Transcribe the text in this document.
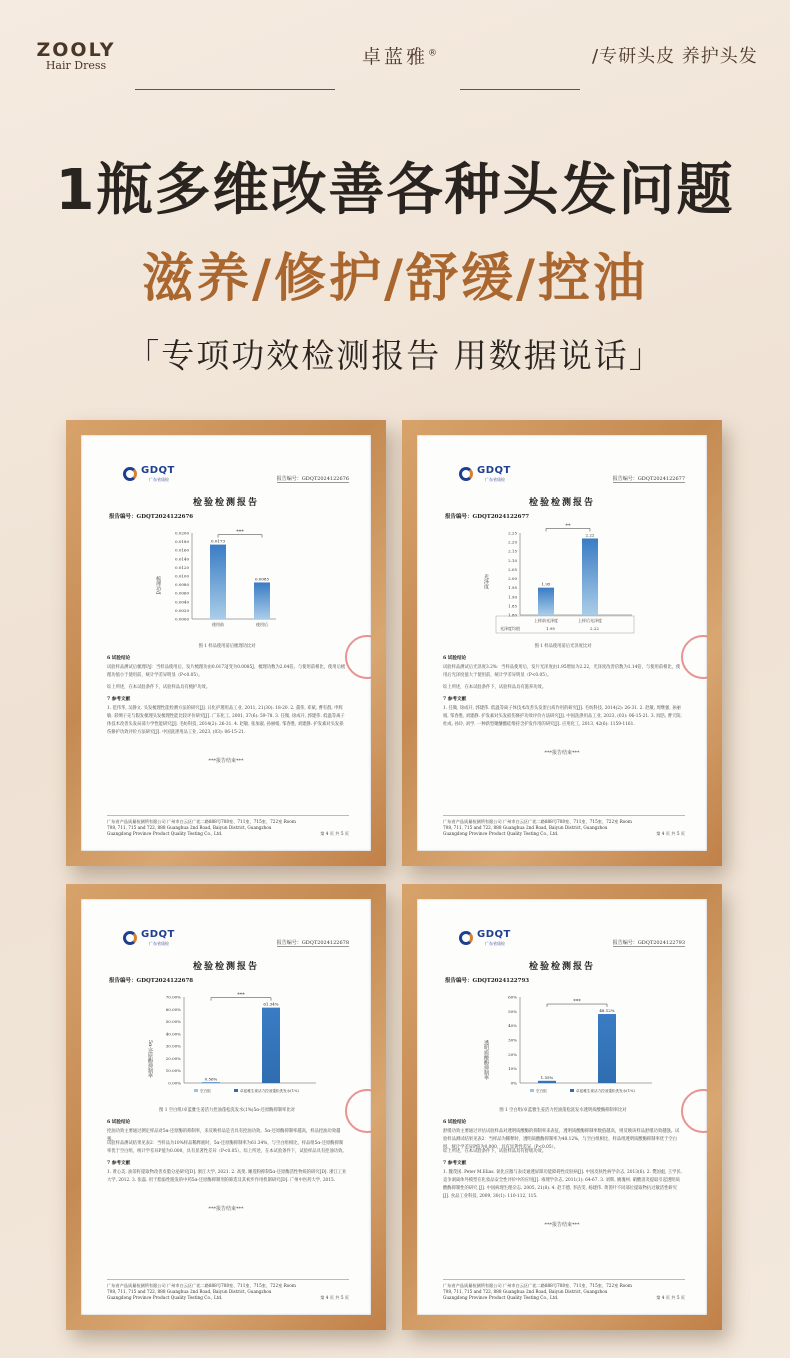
ZOOLY
Hair Dress	卓蓝雅®	/专研头皮 养护头发
1瓶多维改善各种头发问题
滋养/修护/舒缓/控油
「专项功效检测报告 用数据说话」
GDQT
广东省质检	报告编号：GDQT2024122676
检验检测报告
报告编号：GDQT2024122676
0.0200
0.0180
0.0160
0.0140
0.0120
0.0100
0.0080
0.0060
0.0040
0.0020
0.0000
梳理功/J
0.0173
0.0085
***
使用前	使用后
图 1 样品使用前后梳理功比对
6 试验结论
试验样品测试后梳理功J：当样品使用后，发片梳理功由0.0173J变为0.0085J，梳理功数为2.04倍。与使用前相比，使用后梳理功值小于使用前，统计学差异明显（P<0.05）。
综上所述，在本试验条件下，试验样品具有梳护功效。
7 参考文献
1. 范伟华, 吴静文. 头发梳理性能检测方法的研究[J]. 日化护理用品工业, 2011, 21(30): 18-20. 2. 董伟, 邓斌, 曹有群, 申辉敏. 彩绸子壳与假发梳理头发梳理性能比较评价研究[J]. 广东化工, 2001, 37(6): 59-78. 3. 任微, 徐成开, 郭建伟. 低温等离子体技术改善头发局部力学性能研究[J]. 毛纺科技, 2014(2): 26-31. 4. 赵敏, 张加淑, 孙丽娟, 邹春胜, 刘建静. 护发素对头发损伤修护功效评价方法研究[J]. 中国洗涤用品工业, 2023, (03): 06-15-21.
***报告结束***
广东省产品质量检测所有限公司 广州市白云区广花二路888号708室、711室、715室、722室 Room 708, 711, 715 and 722, 888 Guanghua 2nd Road, Baiyun District, Guangzhou Guangdong Province Product Quality Testing Co., Ltd.	第 4 页 共 5 页
GDQT
广东省质检	报告编号：GDQT2024122677
检验检测报告
报告编号：GDQT2024122677
2.25
2.20
2.15
2.10
2.05
2.00
1.95
1.90
1.85
1.80
光泽度	1.95
2.22
**
上样前光泽度	上样后光泽度
光泽度均值	1.95	2.22
图 1 样品使用前后光泽度比对
6 试验结论
试验样品测试后光泽度3.2%：当样品使用后，发片光泽度由1.95增加为2.22，光泽度改善倍数为1.14倍，与使用前相比，使用后光泽度值大于使用前，统计学差异明显（P<0.05）。
综上所述，在本试验条件下，试验样品具有滋养功效。
7 参考文献
1. 任微, 徐成开, 郭建伟. 低温等离子体技术改善头发蛋白质作用的研究[J]. 毛纺科技, 2014(2): 26-31. 2. 赵敏, 周继强, 孙丽娟, 邹春胜, 刘建静. 护发素对头发损伤修护功效评价方法研究[J]. 中国洗涤用品工业, 2023, (03): 06-15-21. 3. 闻浩, 曹天阳, 杜成, 孙玲, 刘学. 一种新型聚醚酯硅维持含护发作用的研究[J]. 应用化工, 2013, 42(6): 1159-1161.
***报告结束***
广东省产品质量检测所有限公司 广州市白云区广花二路888号708室、711室、715室、722室 Room 708, 711, 715 and 722, 888 Guanghua 2nd Road, Baiyun District, Guangzhou Guangdong Province Product Quality Testing Co., Ltd.	第 4 页 共 5 页
GDQT
广东省质检	报告编号：GDQT2024122678
检验检测报告
报告编号：GDQT2024122678
70.00%
60.00%
50.00%
40.00%
30.00%
20.00%
10.00%
0.00%
5α-还原酶抑制率
0.56%
61.34%
***
空白组	卓蓝雅生姜活力控油蓬松洗发水(1%)
图 1 空白组/卓蓝雅生姜活力控油蓬松洗发水(1%)5α-还原酶抑制率比对
6 试验结论
控油功效主要通过测定样品对5α-还原酶的抑制率，来反映样品是否具有控油功效。5α-还原酶抑制率越高，样品控油功效越强。
试验样品测试结果见表2：当样品为10%样品稀释液时，5α-还原酶抑制率为61.34%，与空白组相比，样品组5α-还原酶抑制率优于空白组，统计学差异P值为0.000，具有显著性差异（P<0.05）。综上所述，在本试验条件下，试验样品具有控油功效。
7 参考文献
1. 黄心美. 油茶籽提取物改善皮脂分泌研究[D]. 浙江大学, 2021. 2. 高斐. 睡莲粉抑制5α-还原酶活性物质的研究[D]. 浙江工业大学, 2012. 3. 张磊. 用于脂溢性脱发的中药5α-还原酶抑制剂的筛选及其初步作用机制研究[D]. 广州中医药大学, 2015.
***报告结束***
广东省产品质量检测所有限公司 广州市白云区广花二路888号708室、711室、715室、722室 Room 708, 711, 715 and 722, 888 Guanghua 2nd Road, Baiyun District, Guangzhou Guangdong Province Product Quality Testing Co., Ltd.	第 4 页 共 5 页
GDQT
广东省质检	报告编号：GDQT2024122793
检验检测报告
报告编号：GDQT2024122793
60%
50%
40%
30%
20%
10%
0%
透明质酸酶抑制率	1.55%
48.12%
***
空白组	卓蓝雅生姜活力控油蓬松洗发水(1%)
图 1 空白组/卓蓝雅生姜活力控油蓬松洗发水透明质酸酶抑制率比对
6 试验结论
舒缓功效主要通过评估试验样品对透明质酸酶的抑制率来表征，透明质酸酶抑制率数值越高，则反映该样品舒缓功效越强。试验样品测试结果见表2：当样品为稀释时，透明质酸酶抑制率为48.12%，与空白组相比，样品组透明质酸酶抑制率优于空白组，统计学差异P值为0.000，具有显著性差异（P<0.05）。
综上所述，在本试验条件下，试验样品具有舒缓功效。
7 参考文献
1. 魏茂国. Peter M.Elias. 氧化应激与表皮通透屏障功能障碍性皮肤病[J]. 中国皮肤性病学杂志, 2013(6). 2. 樊国彪, 王学民. 竞争剥离体外模型在化妆品安全性评价中的应用[J]. 毒理学杂志, 2011(1): 64-67. 3. 刘辉, 姚瑰州. 硝酸消炎提取引起透明质酸酶抑制性的研究 [J]. 中国病理生理杂志, 2005, 21(8). 4. 赵丰德, 李洁雯, 杨建伟. 黄芪叶不同部位提取物抗过敏活性研究[J]. 食品工业科技, 2009, 30(1): 110-112, 115.
***报告结束***
广东省产品质量检测所有限公司 广州市白云区广花二路888号708室、711室、715室、722室 Room 708, 711, 715 and 722, 888 Guanghua 2nd Road, Baiyun District, Guangzhou Guangdong Province Product Quality Testing Co., Ltd.	第 4 页 共 5 页
